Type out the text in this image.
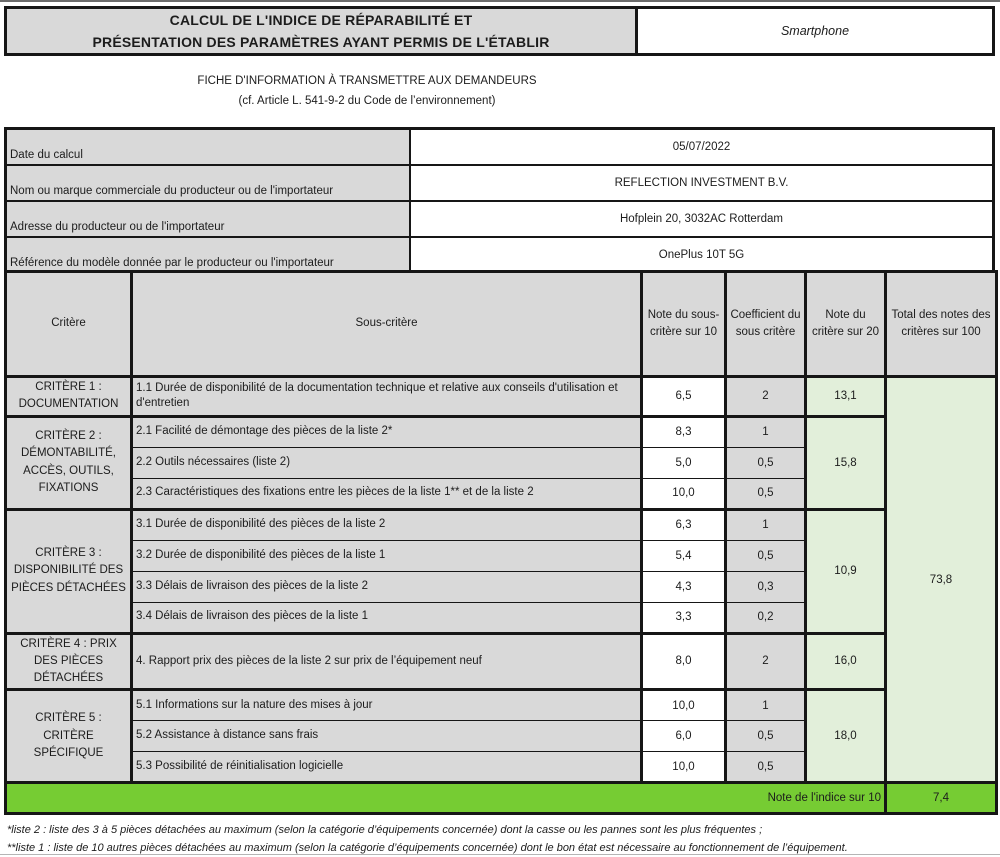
CALCUL DE L'INDICE DE RÉPARABILITÉ ET
PRÉSENTATION DES PARAMÈTRES AYANT PERMIS DE L'ÉTABLIR
Smartphone
FICHE D'INFORMATION À TRANSMETTRE AUX DEMANDEURS
(cf. Article L. 541-9-2 du Code de l’environnement)
Date du calcul	05/07/2022
Nom ou marque commerciale du producteur ou de l'importateur	REFLECTION INVESTMENT B.V.
Adresse du producteur ou de l'importateur	Hofplein 20, 3032AC Rotterdam
Référence du modèle donnée par le producteur ou l'importateur	OnePlus 10T 5G
Critère	Sous-critère	Note du sous-critère sur 10	Coefficient du sous critère	Note du critère sur 20	Total des notes des critères sur 100
CRITÈRE 1 : DOCUMENTATION	1.1 Durée de disponibilité de la documentation technique et relative aux conseils d'utilisation et d'entretien	6,5	2	13,1	73,8
CRITÈRE 2 : DÉMONTABILITÉ, ACCÈS, OUTILS, FIXATIONS	2.1 Facilité de démontage des pièces de la liste 2*	8,3	1	15,8	
	2.2 Outils nécessaires (liste 2)	5,0	0,5		
	2.3 Caractéristiques des fixations entre les pièces de la liste 1** et de la liste 2	10,0	0,5		
CRITÈRE 3 : DISPONIBILITÉ DES PIÈCES DÉTACHÉES	3.1 Durée de disponibilité des pièces de la liste 2	6,3	1	10,9	
	3.2 Durée de disponibilité des pièces de la liste 1	5,4	0,5		
	3.3 Délais de livraison des pièces de la liste 2	4,3	0,3		
	3.4 Délais de livraison des pièces de la liste 1	3,3	0,2		
CRITÈRE 4 : PRIX DES PIÈCES DÉTACHÉES	4. Rapport prix des pièces de la liste 2 sur prix de l’équipement neuf	8,0	2	16,0	
CRITÈRE 5 : CRITÈRE SPÉCIFIQUE	5.1 Informations sur la nature des mises à jour	10,0	1	18,0	
	5.2 Assistance à distance sans frais	6,0	0,5		
	5.3 Possibilité de réinitialisation logicielle	10,0	0,5		
Note de l'indice sur 10					7,4
*liste 2 : liste des 3 à 5 pièces détachées au maximum (selon la catégorie d’équipements concernée) dont la casse ou les pannes sont les plus fréquentes ;
**liste 1 : liste de 10 autres pièces détachées au maximum (selon la catégorie d’équipements concernée) dont le bon état est nécessaire au fonctionnement de l’équipement.
